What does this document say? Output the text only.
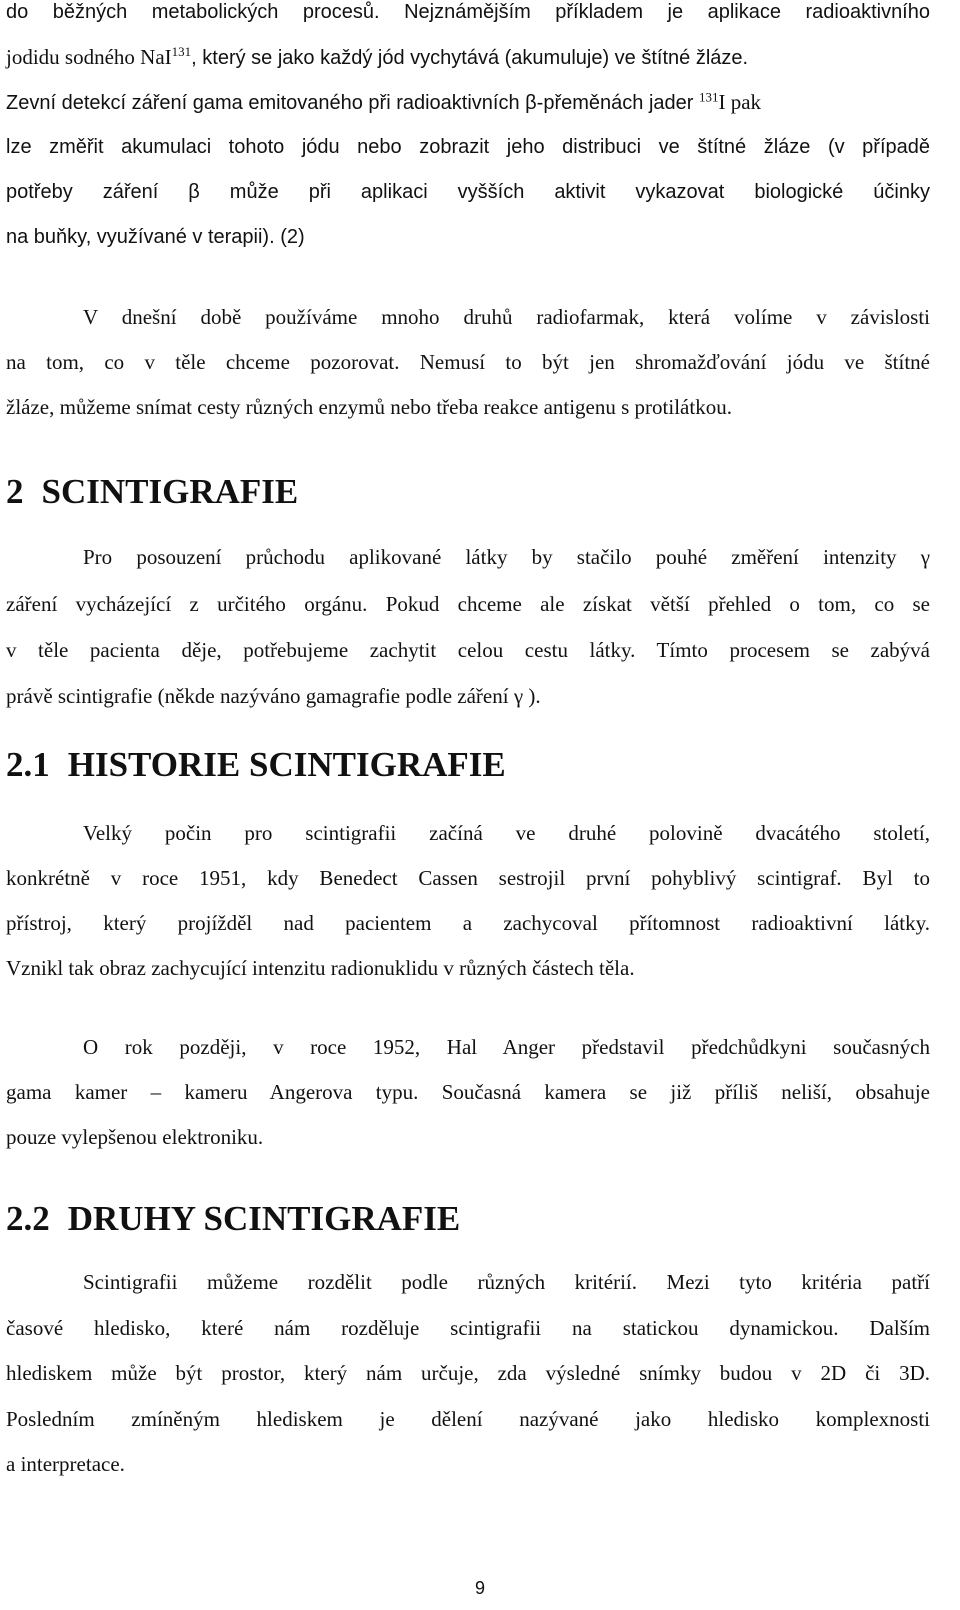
do běžných metabolických procesů. Nejznámějším příkladem je aplikace radioaktivního
jodidu sodného NaI$^{131}$, který se jako každý jód vychytává (akumuluje) ve štítné žláze.
Zevní detekcí záření gama emitovaného při radioaktivních β-přeměnách jader $^{131}$I pak
lze změřit akumulaci tohoto jódu nebo zobrazit jeho distribuci ve štítné žláze (v případě
potřeby záření β může při aplikaci vyšších aktivit vykazovat biologické účinky
na buňky, využívané v terapii). (2)
V dnešní době používáme mnoho druhů radiofarmak, která volíme v závislosti
na tom, co v těle chceme pozorovat. Nemusí to být jen shromažďování jódu ve štítné
žláze, můžeme snímat cesty různých enzymů nebo třeba reakce antigenu s protilátkou.
2 SCINTIGRAFIE
Pro posouzení průchodu aplikované látky by stačilo pouhé změření intenzity γ
záření vycházející z určitého orgánu. Pokud chceme ale získat větší přehled o tom, co se
v těle pacienta děje, potřebujeme zachytit celou cestu látky. Tímto procesem se zabývá
právě scintigrafie (někde nazýváno gamagrafie podle záření γ ).
2.1 HISTORIE SCINTIGRAFIE
Velký počin pro scintigrafii začíná ve druhé polovině dvacátého století,
konkrétně v roce 1951, kdy Benedect Cassen sestrojil první pohyblivý scintigraf. Byl to
přístroj, který projížděl nad pacientem a zachycoval přítomnost radioaktivní látky.
Vznikl tak obraz zachycující intenzitu radionuklidu v různých částech těla.
O rok později, v roce 1952, Hal Anger představil předchůdkyni současných
gama kamer – kameru Angerova typu. Současná kamera se již příliš neliší, obsahuje
pouze vylepšenou elektroniku.
2.2 DRUHY SCINTIGRAFIE
Scintigrafii můžeme rozdělit podle různých kritérií. Mezi tyto kritéria patří
časové hledisko, které nám rozděluje scintigrafii na statickou dynamickou. Dalším
hlediskem může být prostor, který nám určuje, zda výsledné snímky budou v 2D či 3D.
Posledním zmíněným hlediskem je dělení nazývané jako hledisko komplexnosti
a interpretace.
9
